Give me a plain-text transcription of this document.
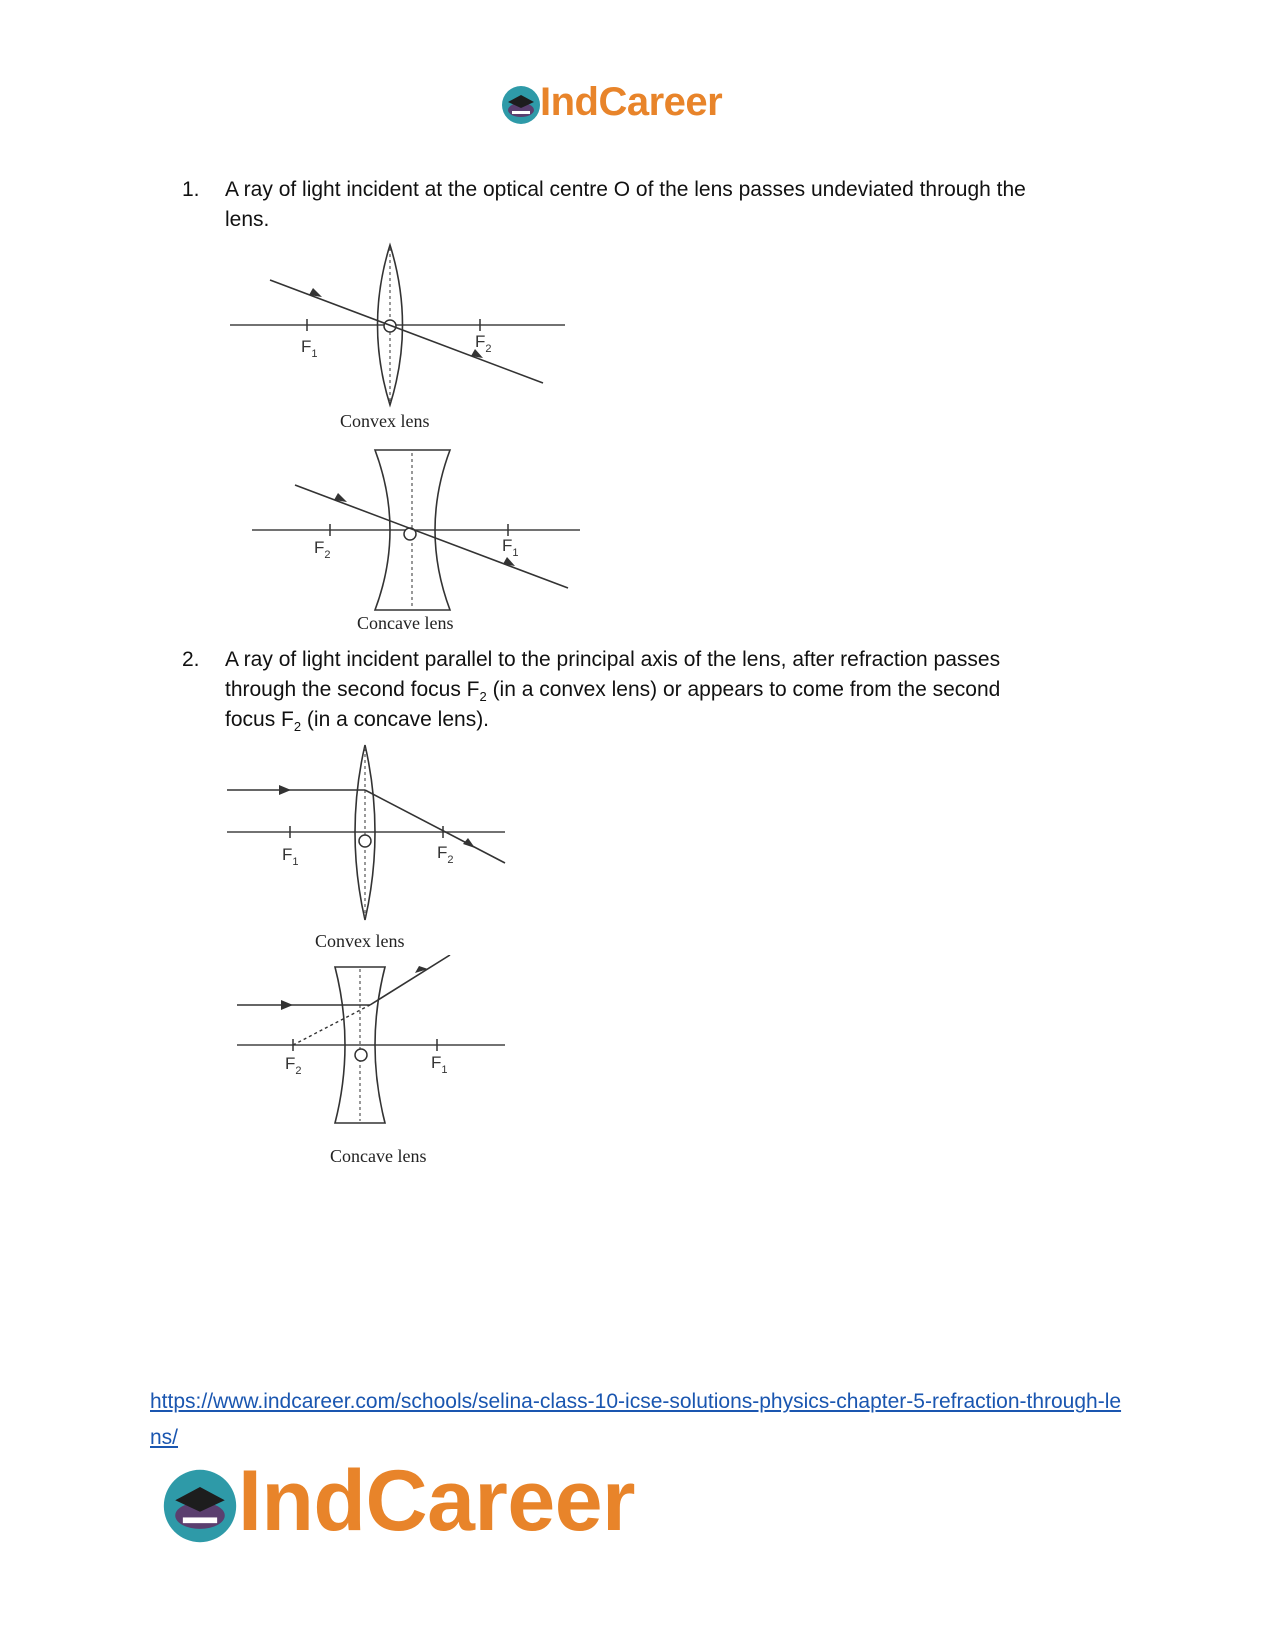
IndCareer
1.	A ray of light incident at the optical centre O of the lens passes undeviated through the
lens.
$F_1$
$F_2$
Convex lens
$F_2$	$F_1$
Concave lens
2.	A ray of light incident parallel to the principal axis of the lens, after refraction passes
through the second focus $F_2$ (in a convex lens) or appears to come from the second
focus $F_2$ (in a concave lens).
$F_1$	$F_2$
Convex lens
$F_2$	$F_1$
Concave lens
https://www.indcareer.com/schools/selina-class-10-icse-solutions-physics-chapter-5-refraction-through-lens/
IndCareer
